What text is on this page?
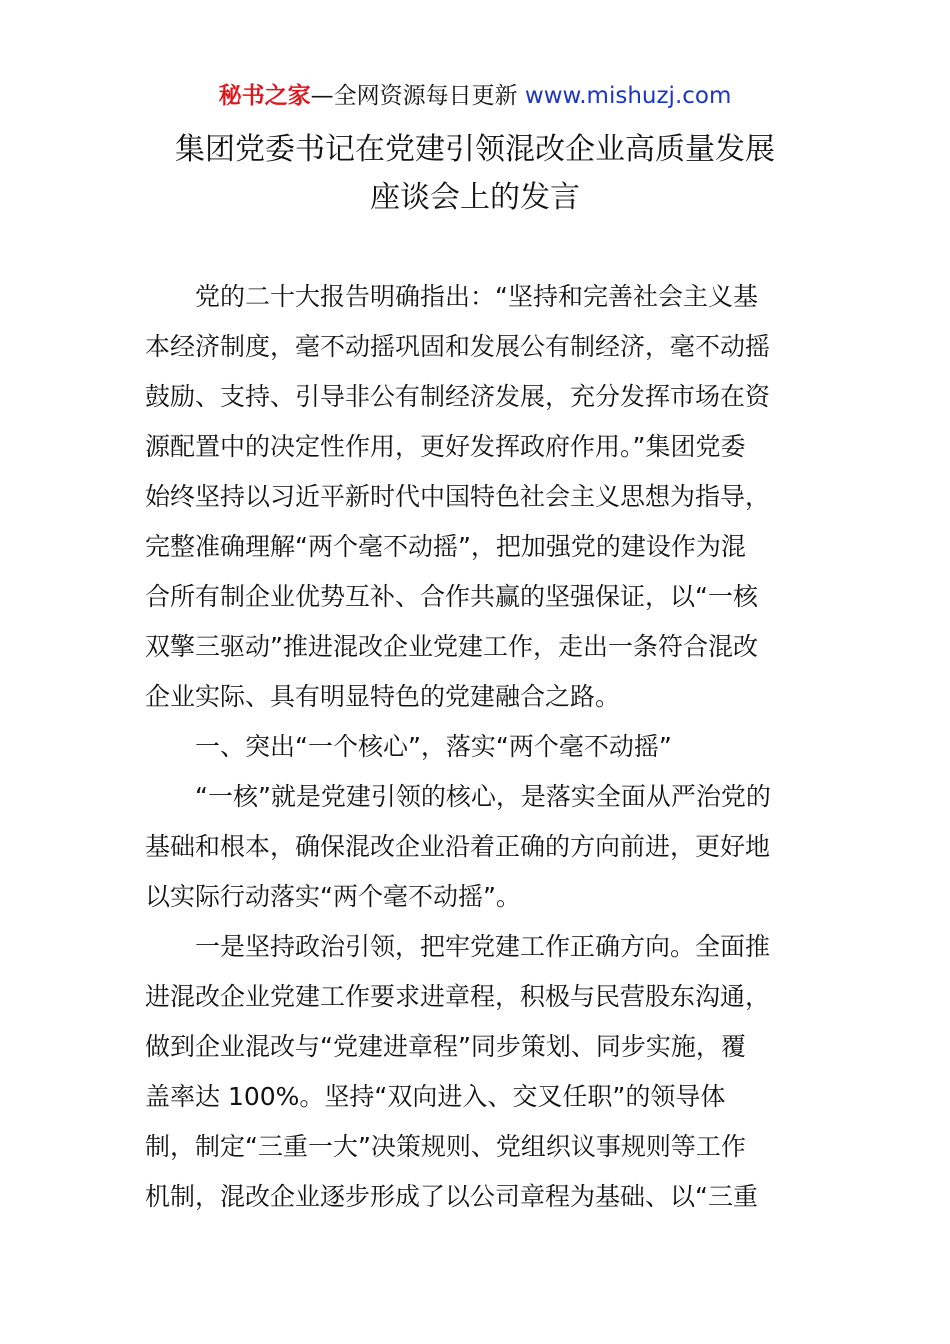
秘书之家—全网资源每日更新 www.mishuzj.com
集团党委书记在党建引领混改企业高质量发展
座谈会上的发言
党的二十大报告明确指出：“坚持和完善社会主义基
本经济制度，毫不动摇巩固和发展公有制经济，毫不动摇
鼓励、支持、引导非公有制经济发展，充分发挥市场在资
源配置中的决定性作用，更好发挥政府作用。”集团党委
始终坚持以习近平新时代中国特色社会主义思想为指导，
完整准确理解“两个毫不动摇”，把加强党的建设作为混
合所有制企业优势互补、合作共赢的坚强保证，以“一核
双擎三驱动”推进混改企业党建工作，走出一条符合混改
企业实际、具有明显特色的党建融合之路。
一、突出“一个核心”，落实“两个毫不动摇”
“一核”就是党建引领的核心，是落实全面从严治党的
基础和根本，确保混改企业沿着正确的方向前进，更好地
以实际行动落实“两个毫不动摇”。
一是坚持政治引领，把牢党建工作正确方向。全面推
进混改企业党建工作要求进章程，积极与民营股东沟通，
做到企业混改与“党建进章程”同步策划、同步实施，覆
盖率达 100%。坚持“双向进入、交叉任职”的领导体
制，制定“三重一大”决策规则、党组织议事规则等工作
机制，混改企业逐步形成了以公司章程为基础、以“三重
